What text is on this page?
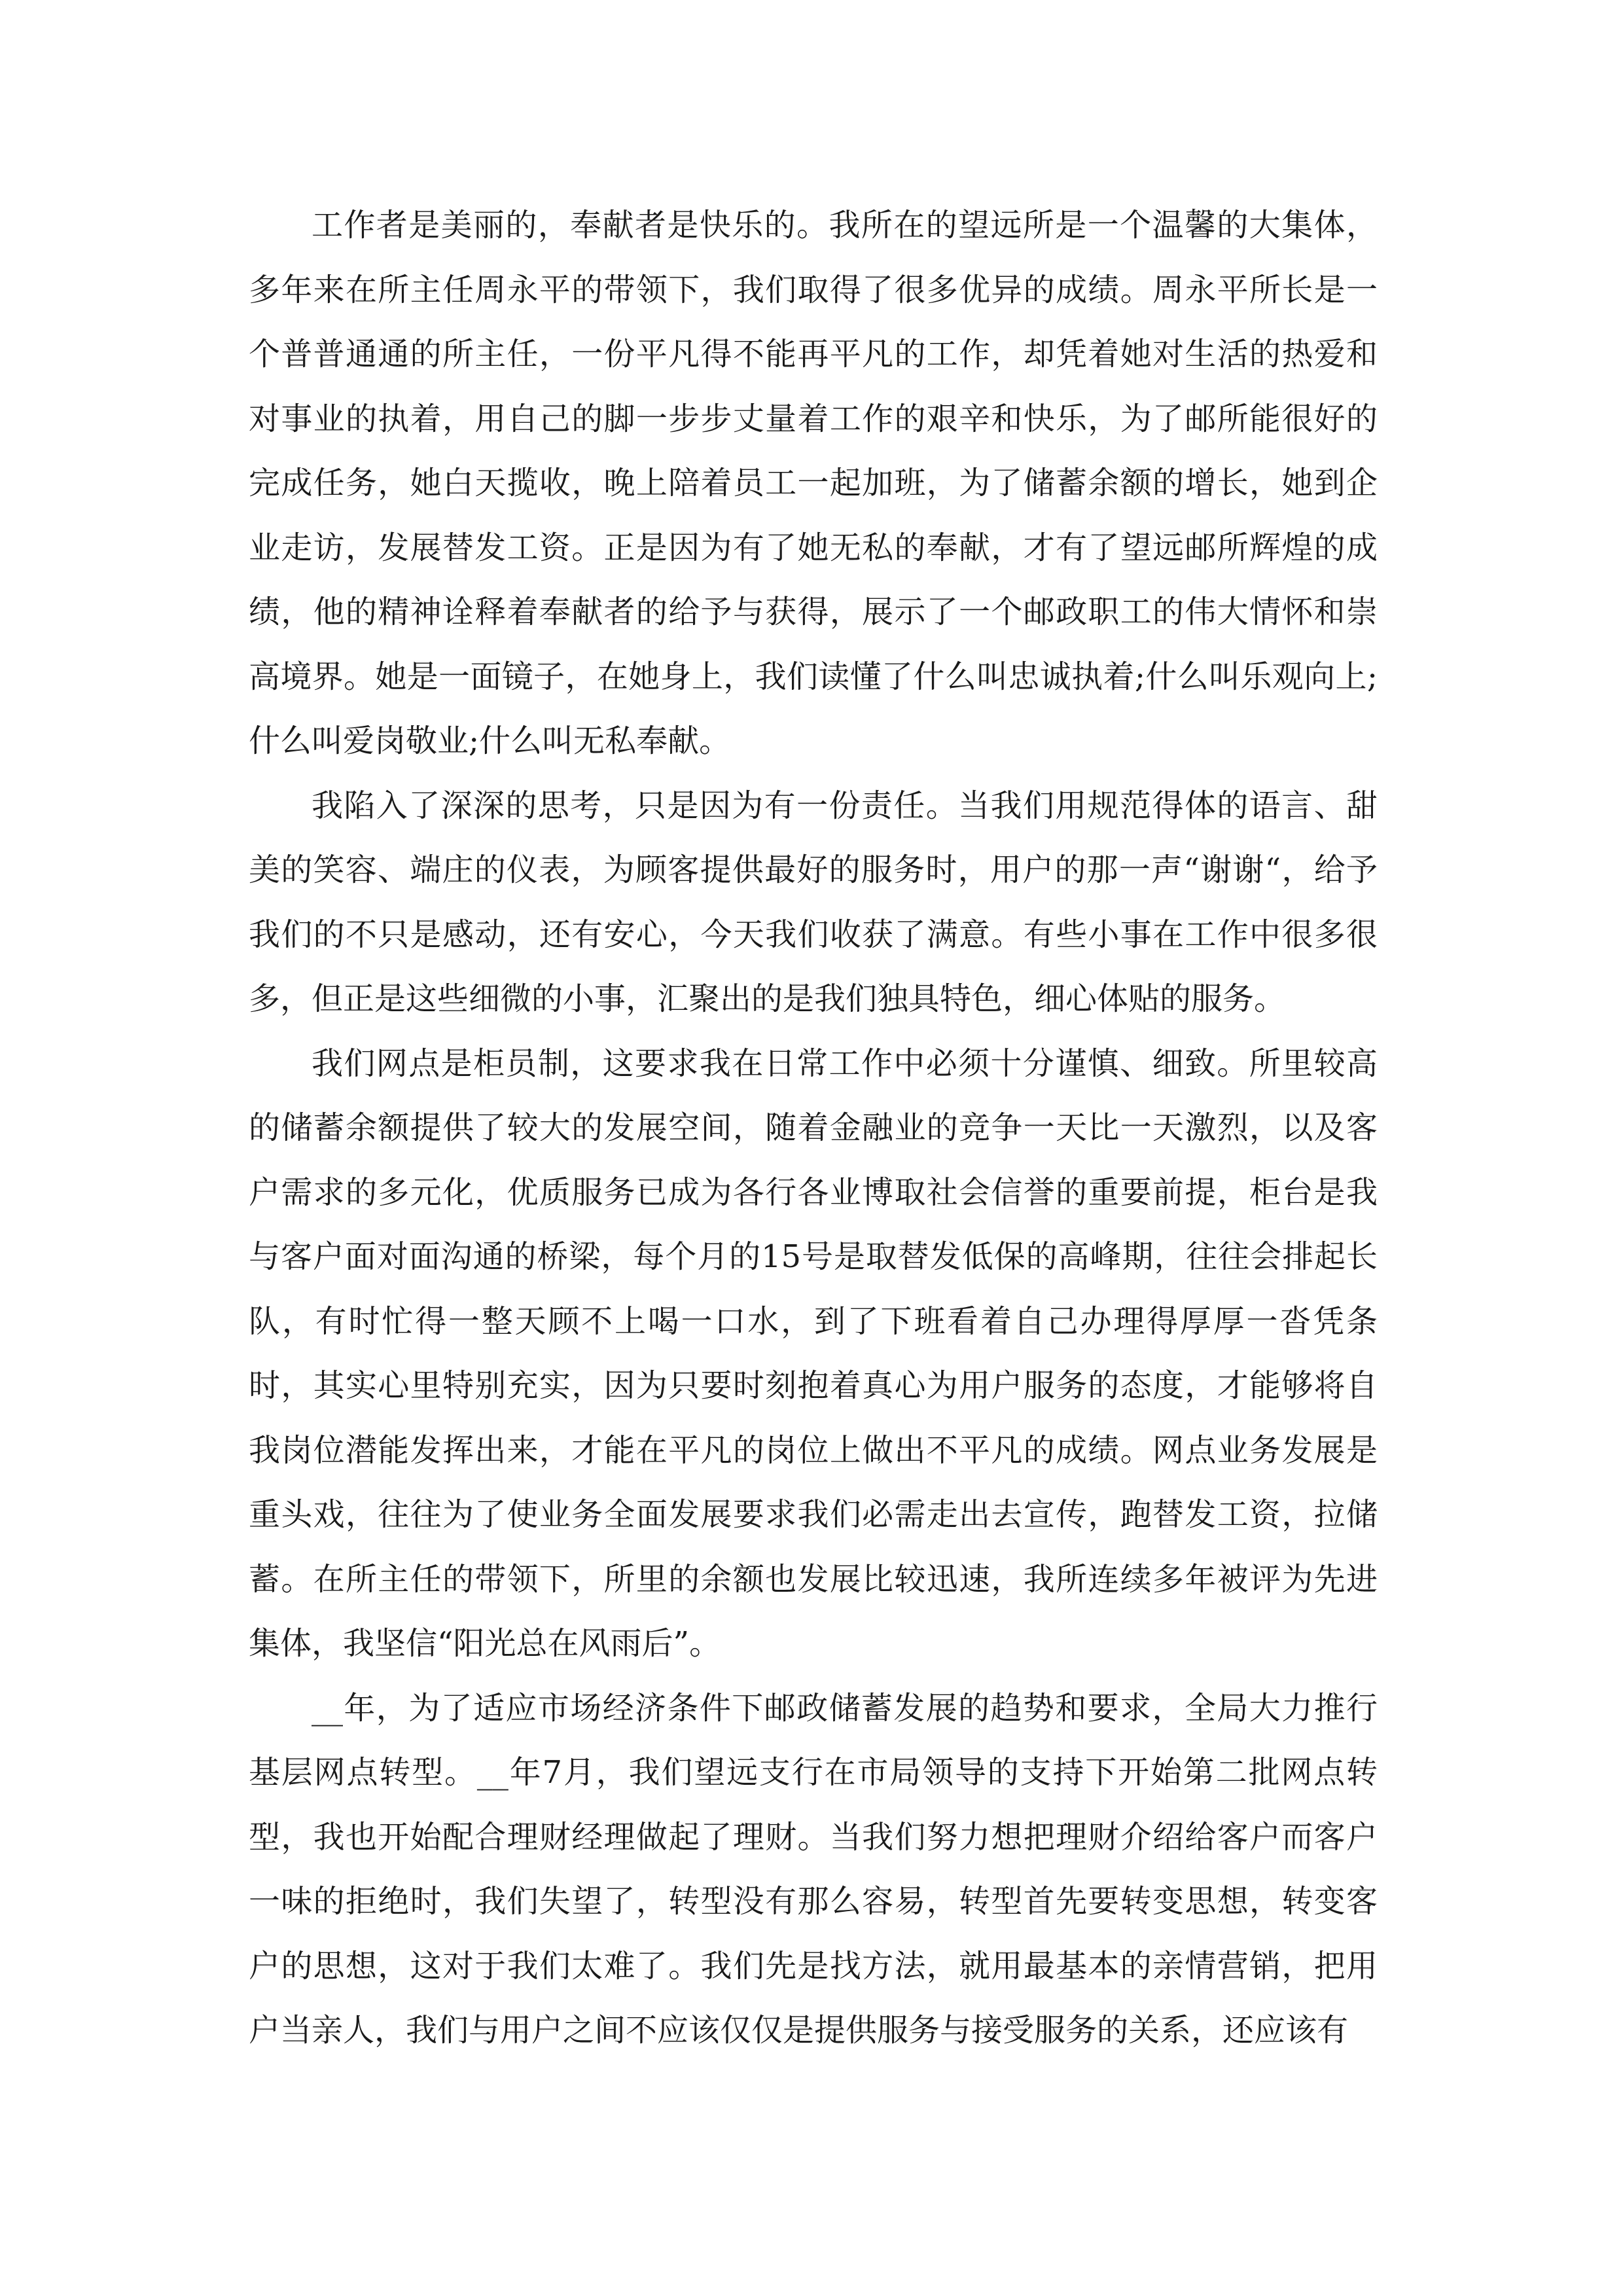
工作者是美丽的，奉献者是快乐的。我所在的望远所是一个温馨的大集体，多年来在所主任周永平的带领下，我们取得了很多优异的成绩。周永平所长是一个普普通通的所主任，一份平凡得不能再平凡的工作，却凭着她对生活的热爱和对事业的执着，用自己的脚一步步丈量着工作的艰辛和快乐，为了邮所能很好的完成任务，她白天揽收，晚上陪着员工一起加班，为了储蓄余额的增长，她到企业走访，发展替发工资。正是因为有了她无私的奉献，才有了望远邮所辉煌的成绩，他的精神诠释着奉献者的给予与获得，展示了一个邮政职工的伟大情怀和崇高境界。她是一面镜子，在她身上，我们读懂了什么叫忠诚执着;什么叫乐观向上;什么叫爱岗敬业;什么叫无私奉献。

我陷入了深深的思考，只是因为有一份责任。当我们用规范得体的语言、甜美的笑容、端庄的仪表，为顾客提供最好的服务时，用户的那一声“谢谢“，给予我们的不只是感动，还有安心，今天我们收获了满意。有些小事在工作中很多很多，但正是这些细微的小事，汇聚出的是我们独具特色，细心体贴的服务。

我们网点是柜员制，这要求我在日常工作中必须十分谨慎、细致。所里较高的储蓄余额提供了较大的发展空间，随着金融业的竞争一天比一天激烈，以及客户需求的多元化，优质服务已成为各行各业博取社会信誉的重要前提，柜台是我与客户面对面沟通的桥梁，每个月的15号是取替发低保的高峰期，往往会排起长队，有时忙得一整天顾不上喝一口水，到了下班看着自己办理得厚厚一沓凭条时，其实心里特别充实，因为只要时刻抱着真心为用户服务的态度，才能够将自我岗位潜能发挥出来，才能在平凡的岗位上做出不平凡的成绩。网点业务发展是重头戏，往往为了使业务全面发展要求我们必需走出去宣传，跑替发工资，拉储蓄。在所主任的带领下，所里的余额也发展比较迅速，我所连续多年被评为先进集体，我坚信“阳光总在风雨后”。

__年，为了适应市场经济条件下邮政储蓄发展的趋势和要求，全局大力推行基层网点转型。__年7月，我们望远支行在市局领导的支持下开始第二批网点转型，我也开始配合理财经理做起了理财。当我们努力想把理财介绍给客户而客户一味的拒绝时，我们失望了，转型没有那么容易，转型首先要转变思想，转变客户的思想，这对于我们太难了。我们先是找方法，就用最基本的亲情营销，把用户当亲人，我们与用户之间不应该仅仅是提供服务与接受服务的关系，还应该有
